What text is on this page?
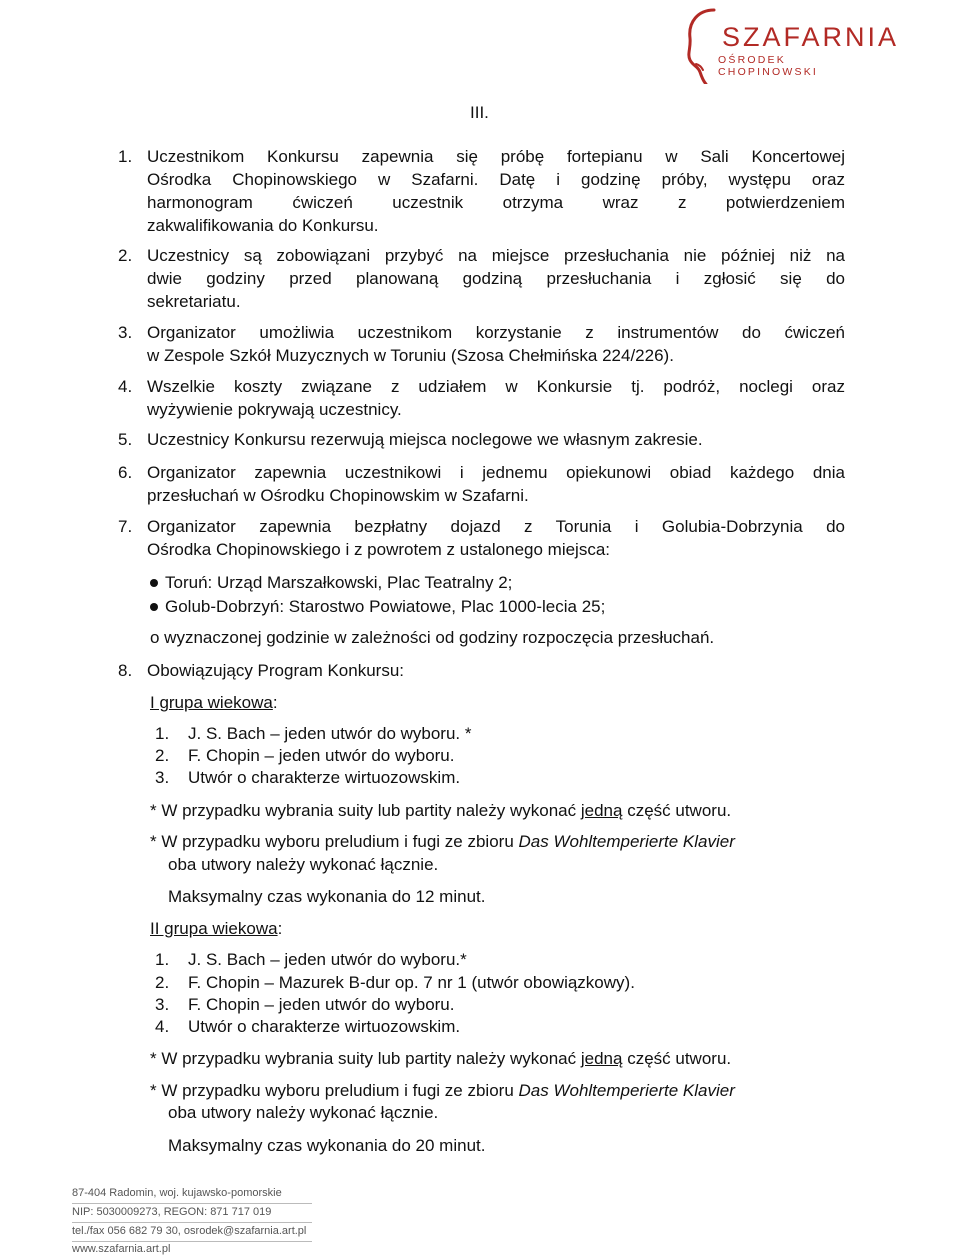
SZAFARNIA
OŚRODEK CHOPINOWSKI
III.
1. Uczestnikom Konkursu zapewnia się próbę fortepianu w Sali Koncertowej
Ośrodka Chopinowskiego w Szafarni. Datę i godzinę próby, występu oraz
harmonogram ćwiczeń uczestnik otrzyma wraz z potwierdzeniem
zakwalifikowania do Konkursu.
2. Uczestnicy są zobowiązani przybyć na miejsce przesłuchania nie później niż na
dwie godziny przed planowaną godziną przesłuchania i zgłosić się do
sekretariatu.
3. Organizator umożliwia uczestnikom korzystanie z instrumentów do ćwiczeń
w Zespole Szkół Muzycznych w Toruniu (Szosa Chełmińska 224/226).
4. Wszelkie koszty związane z udziałem w Konkursie tj. podróż, noclegi oraz
wyżywienie pokrywają uczestnicy.
5. Uczestnicy Konkursu rezerwują miejsca noclegowe we własnym zakresie.
6. Organizator zapewnia uczestnikowi i jednemu opiekunowi obiad każdego dnia
przesłuchań w Ośrodku Chopinowskim w Szafarni.
7. Organizator zapewnia bezpłatny dojazd z Torunia i Golubia-Dobrzynia do
Ośrodka Chopinowskiego i z powrotem z ustalonego miejsca:
Toruń: Urząd Marszałkowski, Plac Teatralny 2;
Golub-Dobrzyń: Starostwo Powiatowe, Plac 1000-lecia 25;
o wyznaczonej godzinie w zależności od godziny rozpoczęcia przesłuchań.
8. Obowiązujący Program Konkursu:
I grupa wiekowa:
1. J. S. Bach – jeden utwór do wyboru. *
2. F. Chopin – jeden utwór do wyboru.
3. Utwór o charakterze wirtuozowskim.
* W przypadku wybrania suity lub partity należy wykonać jedną część utworu.
* W przypadku wyboru preludium i fugi ze zbioru Das Wohltemperierte Klavier
oba utwory należy wykonać łącznie.
Maksymalny czas wykonania do 12 minut.
II grupa wiekowa:
1. J. S. Bach – jeden utwór do wyboru.*
2. F. Chopin – Mazurek B-dur op. 7 nr 1 (utwór obowiązkowy).
3. F. Chopin – jeden utwór do wyboru.
4. Utwór o charakterze wirtuozowskim.
* W przypadku wybrania suity lub partity należy wykonać jedną część utworu.
* W przypadku wyboru preludium i fugi ze zbioru Das Wohltemperierte Klavier
oba utwory należy wykonać łącznie.
Maksymalny czas wykonania do 20 minut.
87-404 Radomin, woj. kujawsko-pomorskie
NIP: 5030009273, REGON: 871 717 019
tel./fax 056 682 79 30, osrodek@szafarnia.art.pl
www.szafarnia.art.pl
